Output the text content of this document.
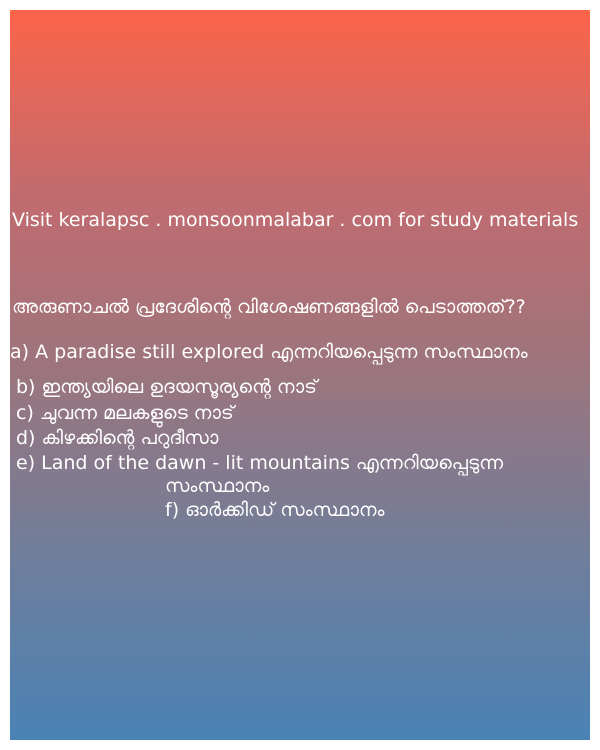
Visit keralapsc . monsoonmalabar . com for study materials
അരുണാചൽ പ്രദേശിന്റെ വിശേഷണങ്ങളിൽ പെടാത്തത്??
a) A paradise still explored എന്നറിയപ്പെടുന്ന സംസ്ഥാനം
b) ഇന്ത്യയിലെ ഉദയസൂര്യന്റെ നാട്
c) ചുവന്ന മലകളുടെ നാട്
d) കിഴക്കിന്റെ പറുദീസാ
e) Land of the dawn - lit mountains എന്നറിയപ്പെടുന്ന
സംസ്ഥാനം
f) ഓർക്കിഡ് സംസ്ഥാനം
